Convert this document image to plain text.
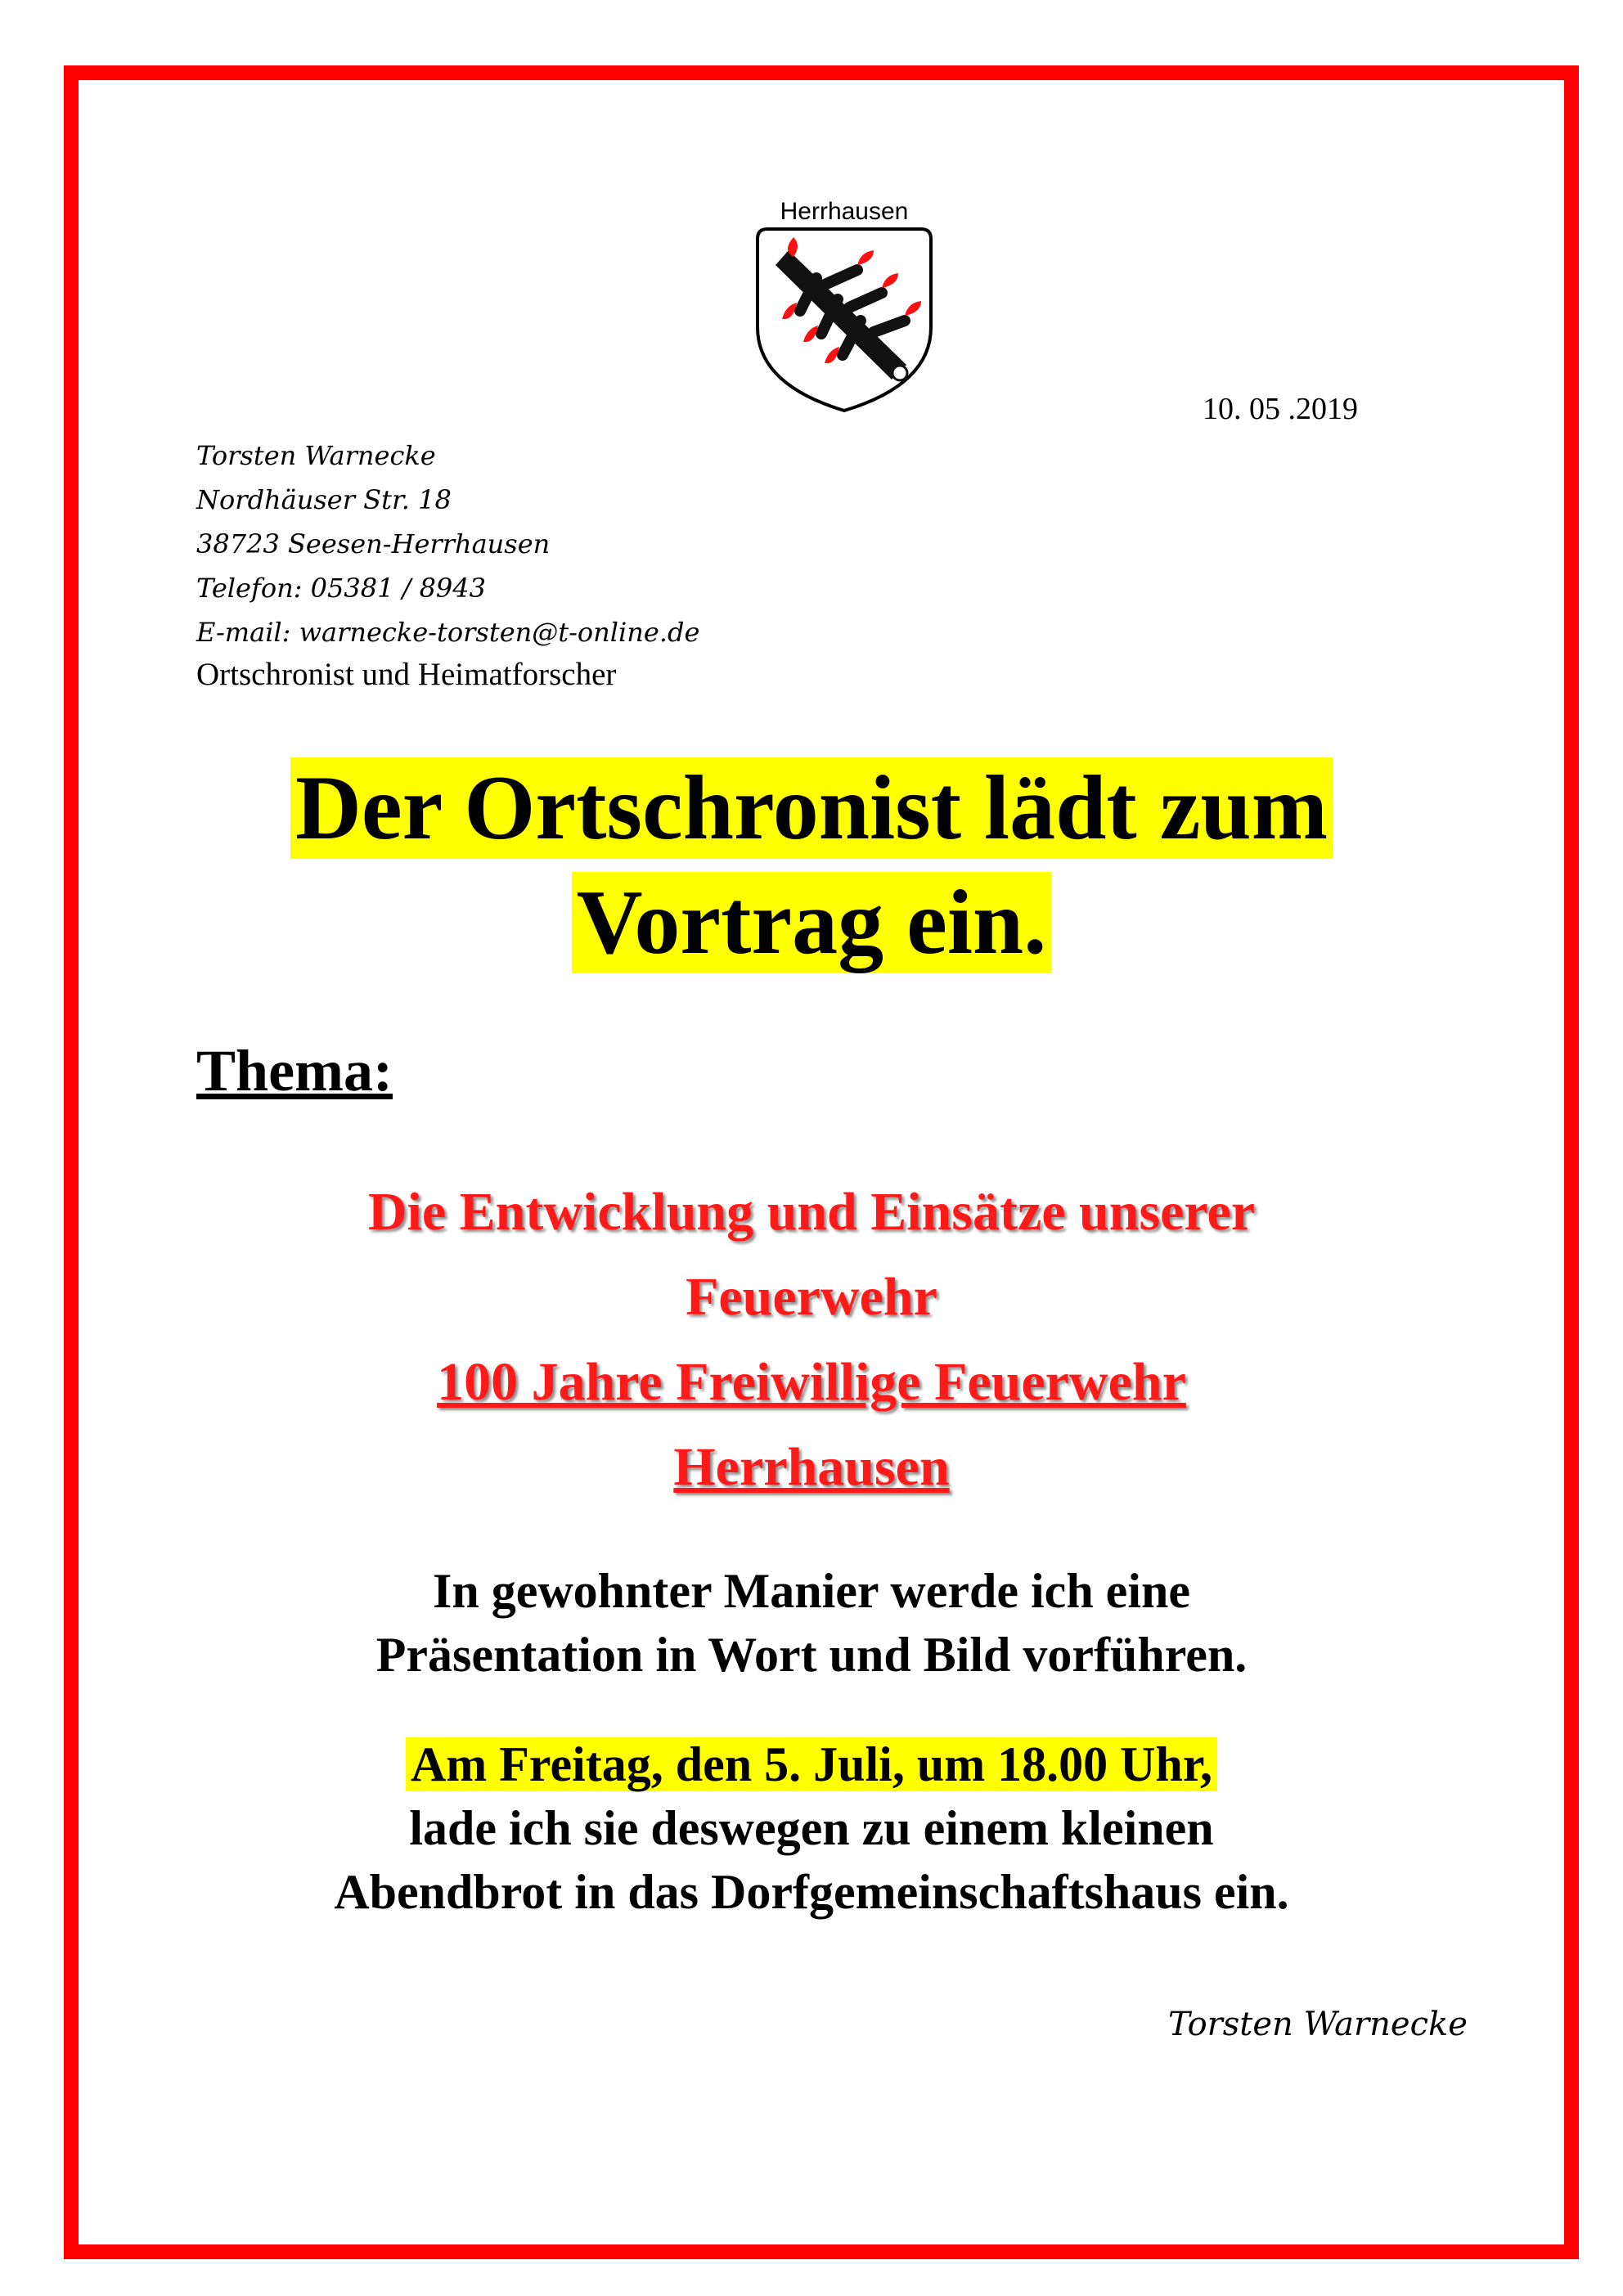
Herrhausen
10. 05 .2019
Torsten Warnecke
Nordhäuser Str. 18
38723 Seesen-Herrhausen
Telefon: 05381 / 8943
E-mail: warnecke-torsten@t-online.de
Ortschronist und Heimatforscher
Der Ortschronist lädt zum
Vortrag ein.
Thema:
Die Entwicklung und Einsätze unserer
Feuerwehr
100 Jahre Freiwillige Feuerwehr
Herrhausen
In gewohnter Manier werde ich eine
Präsentation in Wort und Bild vorführen.
Am Freitag, den 5. Juli, um 18.00 Uhr,
lade ich sie deswegen zu einem kleinen
Abendbrot in das Dorfgemeinschaftshaus ein.
Torsten Warnecke
